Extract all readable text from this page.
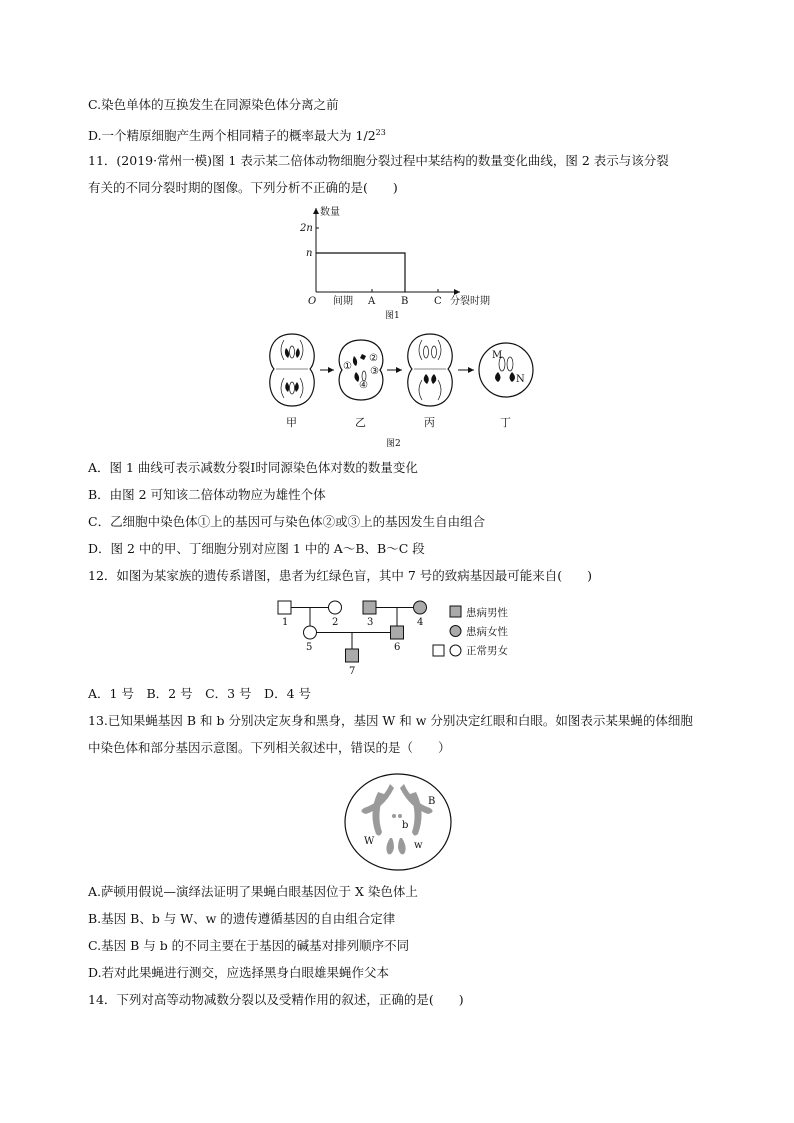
C.染色单体的互换发生在同源染色体分离之前
D.一个精原细胞产生两个相同精子的概率最大为 $1/2^{23}$
11．(2019·常州一模)图 1 表示某二倍体动物细胞分裂过程中某结构的数量变化曲线，图 2 表示与该分裂
有关的不同分裂时期的图像。下列分析不正确的是(　　)
数量
2n
n
O 间期 A	B	C 分裂时期
图1
①
②
③
④
M
N
甲	乙	丙	丁
图2
A．图 1 曲线可表示减数分裂Ⅰ时同源染色体对数的数量变化
B．由图 2 可知该二倍体动物应为雄性个体
C．乙细胞中染色体①上的基因可与染色体②或③上的基因发生自由组合
D．图 2 中的甲、丁细胞分别对应图 1 中的 A～B、B～C 段
12．如图为某家族的遗传系谱图，患者为红绿色盲，其中 7 号的致病基因最可能来自(　　)
1	2	3	4
5	6
7
患病男性
患病女性
正常男女
A．1 号　B．2 号　C．3 号　D．4 号
13.已知果蝇基因 B 和 b 分别决定灰身和黑身，基因 W 和 w 分别决定红眼和白眼。如图表示某果蝇的体细胞
中染色体和部分基因示意图。下列相关叙述中，错误的是（　　）
B
b
W	w
A.萨顿用假说—演绎法证明了果蝇白眼基因位于 X 染色体上
B.基因 B、b 与 W、w 的遗传遵循基因的自由组合定律
C.基因 B 与 b 的不同主要在于基因的碱基对排列顺序不同
D.若对此果蝇进行测交，应选择黑身白眼雄果蝇作父本
14．下列对高等动物减数分裂以及受精作用的叙述，正确的是(　　)
